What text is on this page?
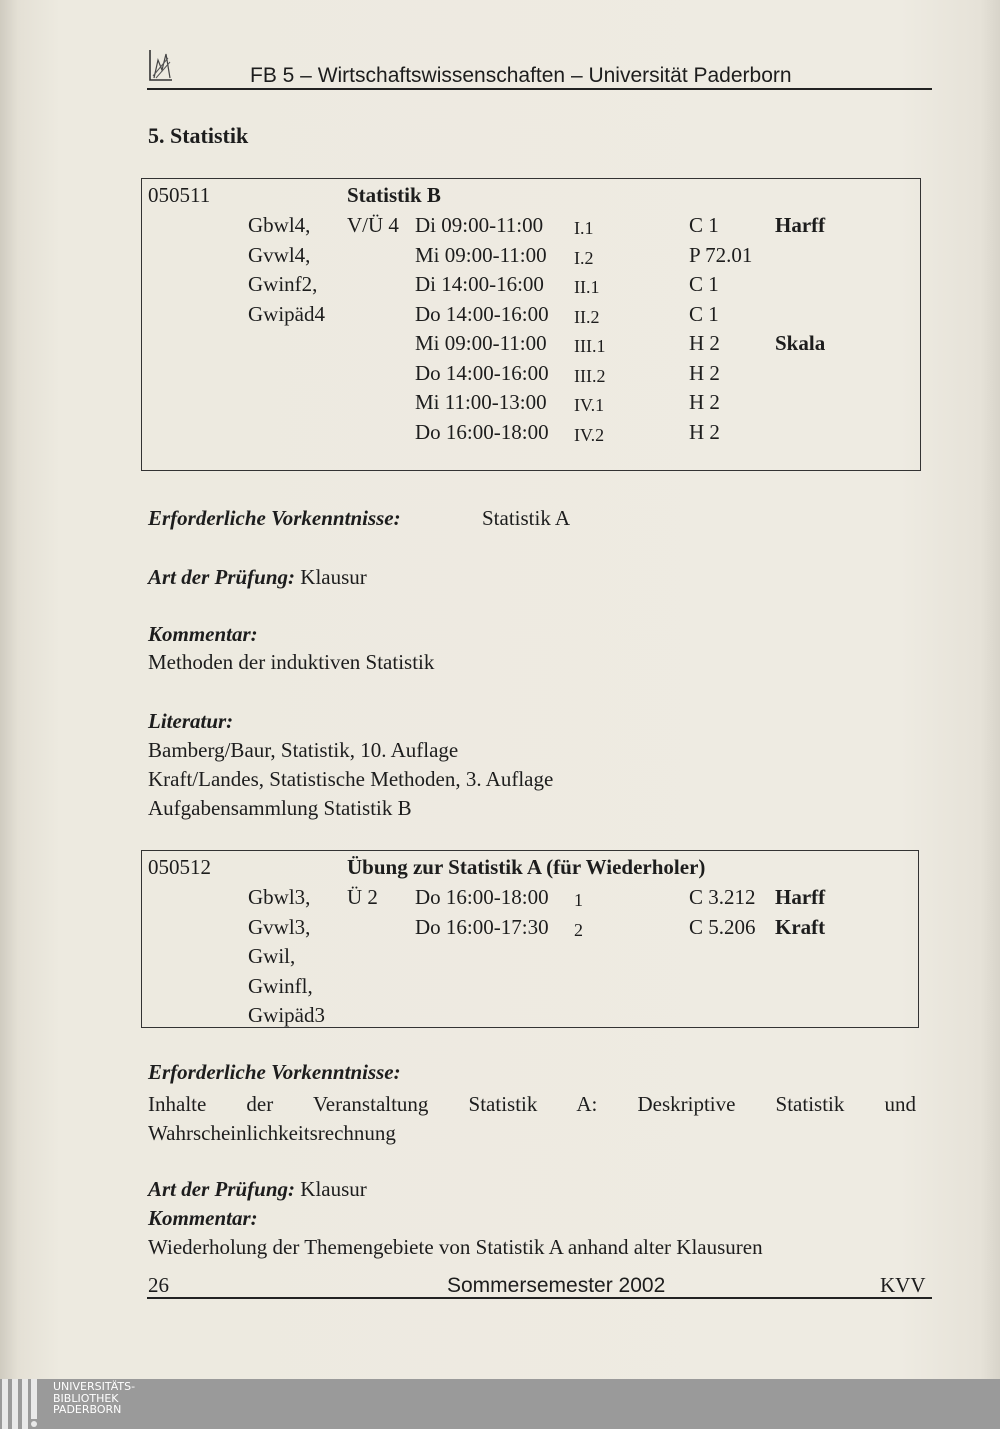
FB 5 – Wirtschaftswissenschaften – Universität Paderborn
5. Statistik
050511	Statistik B
Gbwl4, V/Ü 4 Di 09:00-11:00 I.1	C 1	Harff
Gvwl4,	Mi 09:00-11:00 I.2	P 72.01
Gwinf2,	Di 14:00-16:00 II.1	C 1
Gwipäd4	Do 14:00-16:00 II.2	C 1
Mi 09:00-11:00 III.1	H 2	Skala
Do 14:00-16:00 III.2	H 2
Mi 11:00-13:00 IV.1	H 2
Do 16:00-18:00 IV.2	H 2
Erforderliche Vorkenntnisse:	Statistik A
Art der Prüfung: Klausur
Kommentar:
Methoden der induktiven Statistik
Literatur:
Bamberg/Baur, Statistik, 10. Auflage
Kraft/Landes, Statistische Methoden, 3. Auflage
Aufgabensammlung Statistik B
050512	Übung zur Statistik A (für Wiederholer)
Gbwl3, Ü 2 Do 16:00-18:00 1	C 3.212 Harff
Gvwl3,	Do 16:00-17:30 2	C 5.206 Kraft
Gwil,
Gwinfl,
Gwipäd3
Erforderliche Vorkenntnisse:
Inhalte der Veranstaltung Statistik A: Deskriptive Statistik und Wahrscheinlichkeitsrechnung
Art der Prüfung: Klausur
Kommentar:
Wiederholung der Themengebiete von Statistik A anhand alter Klausuren
26	Sommersemester 2002	KVV
UNIVERSITÄTS-
BIBLIOTHEK
PADERBORN
